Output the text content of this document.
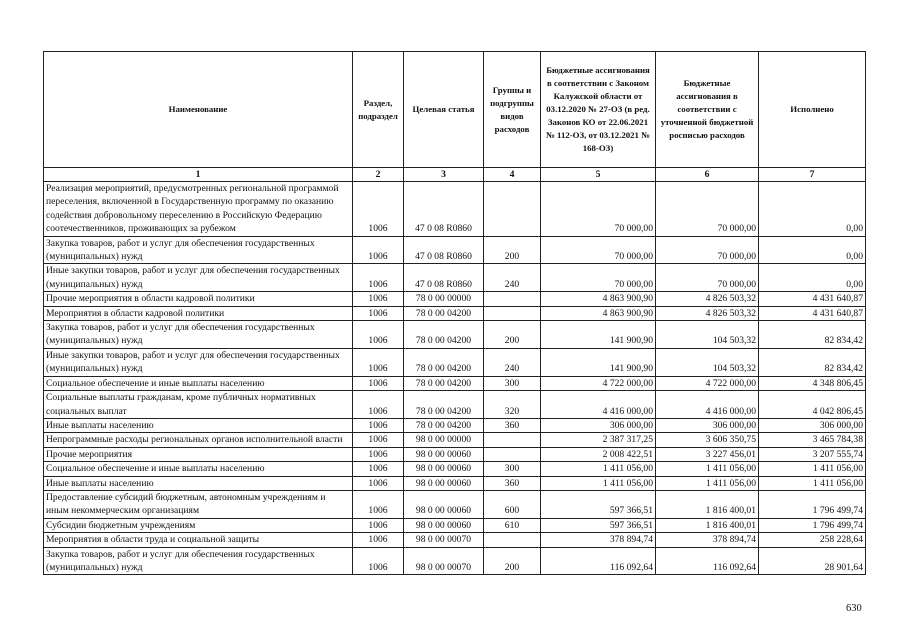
Наименование	Раздел, подраздел	Целевая статья	Группы и подгруппы видов расходов	Бюджетные ассигнования в соответствии с Законом Калужской области от 03.12.2020 № 27-ОЗ (в ред. Законов КО от 22.06.2021 № 112-ОЗ, от 03.12.2021 № 168-ОЗ)	Бюджетные ассигнования в соответствии с уточненной бюджетной росписью расходов	Исполнено
1	2	3	4	5	6	7
Реализация мероприятий, предусмотренных региональной программой переселения, включенной в Государственную программу по оказанию содействия добровольному переселению в Российскую Федерацию соотечественников, проживающих за рубежом	1006	47 0 08 R0860		70 000,00	70 000,00	0,00
Закупка товаров, работ и услуг для обеспечения государственных (муниципальных) нужд	1006	47 0 08 R0860	200	70 000,00	70 000,00	0,00
Иные закупки товаров, работ и услуг для обеспечения государственных (муниципальных) нужд	1006	47 0 08 R0860	240	70 000,00	70 000,00	0,00
Прочие мероприятия в области кадровой политики	1006	78 0 00 00000		4 863 900,90	4 826 503,32	4 431 640,87
Мероприятия в области кадровой политики	1006	78 0 00 04200		4 863 900,90	4 826 503,32	4 431 640,87
Закупка товаров, работ и услуг для обеспечения государственных (муниципальных) нужд	1006	78 0 00 04200	200	141 900,90	104 503,32	82 834,42
Иные закупки товаров, работ и услуг для обеспечения государственных (муниципальных) нужд	1006	78 0 00 04200	240	141 900,90	104 503,32	82 834,42
Социальное обеспечение и иные выплаты населению	1006	78 0 00 04200	300	4 722 000,00	4 722 000,00	4 348 806,45
Социальные выплаты гражданам, кроме публичных нормативных социальных выплат	1006	78 0 00 04200	320	4 416 000,00	4 416 000,00	4 042 806,45
Иные выплаты населению	1006	78 0 00 04200	360	306 000,00	306 000,00	306 000,00
Непрограммные расходы региональных органов исполнительной власти	1006	98 0 00 00000		2 387 317,25	3 606 350,75	3 465 784,38
Прочие мероприятия	1006	98 0 00 00060		2 008 422,51	3 227 456,01	3 207 555,74
Социальное обеспечение и иные выплаты населению	1006	98 0 00 00060	300	1 411 056,00	1 411 056,00	1 411 056,00
Иные выплаты населению	1006	98 0 00 00060	360	1 411 056,00	1 411 056,00	1 411 056,00
Предоставление субсидий бюджетным, автономным учреждениям и иным некоммерческим организациям	1006	98 0 00 00060	600	597 366,51	1 816 400,01	1 796 499,74
Субсидии бюджетным учреждениям	1006	98 0 00 00060	610	597 366,51	1 816 400,01	1 796 499,74
Мероприятия в области труда и социальной защиты	1006	98 0 00 00070		378 894,74	378 894,74	258 228,64
Закупка товаров, работ и услуг для обеспечения государственных (муниципальных) нужд	1006	98 0 00 00070	200	116 092,64	116 092,64	28 901,64
630
